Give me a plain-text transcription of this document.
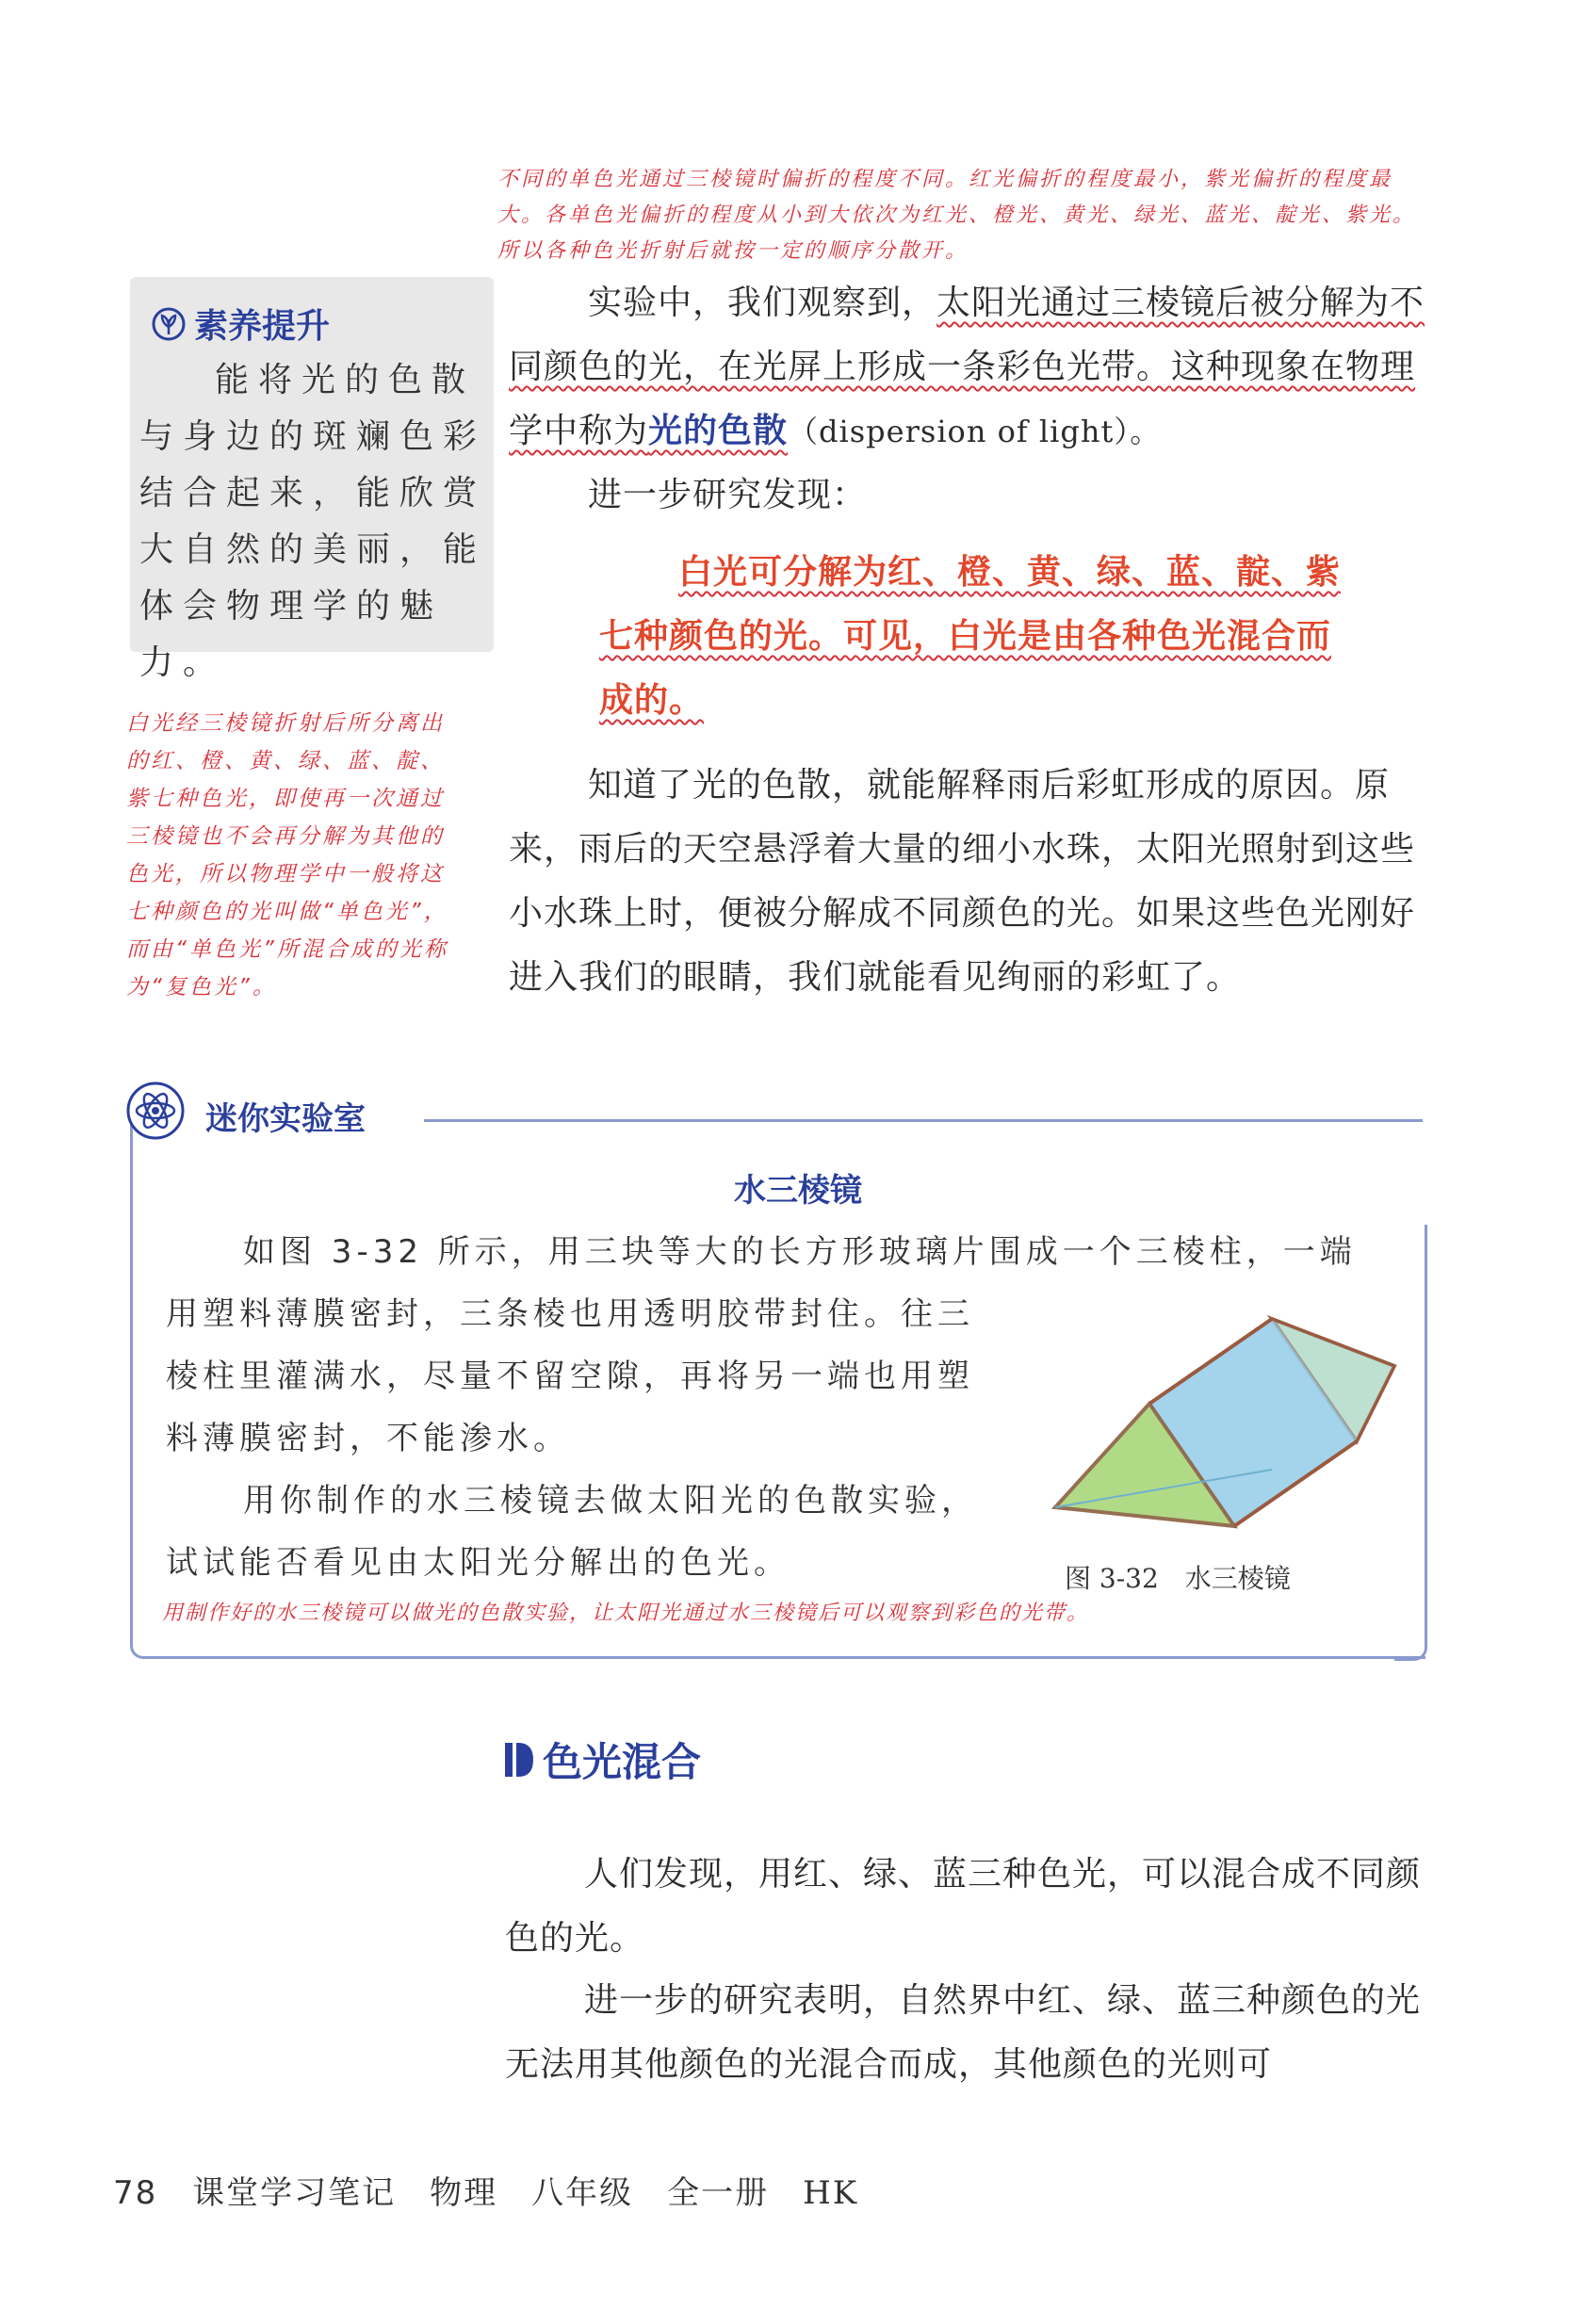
不同的单色光通过三棱镜时偏折的程度不同。红光偏折的程度最小，紫光偏折的程度最大。各单色光偏折的程度从小到大依次为红光、橙光、黄光、绿光、蓝光、靛光、紫光。所以各种色光折射后就按一定的顺序分散开。
素养提升
能将光的色散与身边的斑斓色彩结合起来，能欣赏大自然的美丽，能体会物理学的魅力。
白光经三棱镜折射后所分离出的红、橙、黄、绿、蓝、靛、紫七种色光，即使再一次通过三棱镜也不会再分解为其他的色光，所以物理学中一般将这七种颜色的光叫做“单色光”，而由“单色光”所混合成的光称为“复色光”。
实验中，我们观察到，太阳光通过三棱镜后被分解为不同颜色的光，在光屏上形成一条彩色光带。这种现象在物理学中称为光的色散（dispersion of light）。
进一步研究发现：
白光可分解为红、橙、黄、绿、蓝、靛、紫七种颜色的光。可见，白光是由各种色光混合而成的。
知道了光的色散，就能解释雨后彩虹形成的原因。原来，雨后的天空悬浮着大量的细小水珠，太阳光照射到这些小水珠上时，便被分解成不同颜色的光。如果这些色光刚好进入我们的眼睛，我们就能看见绚丽的彩虹了。
迷你实验室
水三棱镜
如图 3-32 所示，用三块等大的长方形玻璃片围成一个三棱柱，一端
用塑料薄膜密封，三条棱也用透明胶带封住。往三棱柱里灌满水，尽量不留空隙，再将另一端也用塑料薄膜密封，不能渗水。
用你制作的水三棱镜去做太阳光的色散实验，试试能否看见由太阳光分解出的色光。	图 3-32　水三棱镜
用制作好的水三棱镜可以做光的色散实验，让太阳光通过水三棱镜后可以观察到彩色的光带。
色光混合
人们发现，用红、绿、蓝三种色光，可以混合成不同颜色的光。
进一步的研究表明，自然界中红、绿、蓝三种颜色的光无法用其他颜色的光混合而成，其他颜色的光则可
78 课堂学习笔记　物理　八年级　全一册　HK
